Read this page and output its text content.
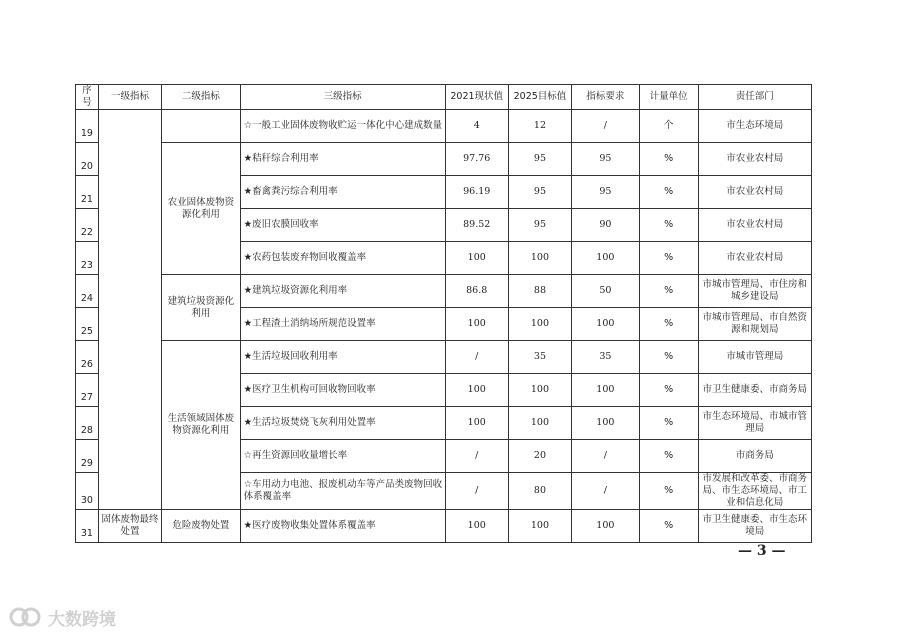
序号	一级指标	二级指标	三级指标	2021现状值	2025目标值	指标要求	计量单位	责任部门
19			☆一般工业固体废物收贮运一体化中心建成数量	4	12	/	个	市生态环境局
20		农业固体废物资源化利用	★秸秆综合利用率	97.76	95	95	%	市农业农村局
21			★畜禽粪污综合利用率	96.19	95	95	%	市农业农村局
22			★废旧农膜回收率	89.52	95	90	%	市农业农村局
23			★农药包装废弃物回收覆盖率	100	100	100	%	市农业农村局
24		建筑垃圾资源化利用	★建筑垃圾资源化利用率	86.8	88	50	%	市城市管理局、市住房和城乡建设局
25			★工程渣土消纳场所规范设置率	100	100	100	%	市城市管理局、市自然资源和规划局
26		生活领域固体废物资源化利用	★生活垃圾回收利用率	/	35	35	%	市城市管理局
27			★医疗卫生机构可回收物回收率	100	100	100	%	市卫生健康委、市商务局
28			★生活垃圾焚烧飞灰利用处置率	100	100	100	%	市生态环境局、市城市管理局
29			☆再生资源回收量增长率	/	20	/	%	市商务局
30			☆车用动力电池、报废机动车等产品类废物回收体系覆盖率	/	80	/	%	市发展和改革委、市商务局、市生态环境局、市工业和信息化局
31	固体废物最终处置	危险废物处置	★医疗废物收集处置体系覆盖率	100	100	100	%	市卫生健康委、市生态环境局
— 3 —
大数跨境
